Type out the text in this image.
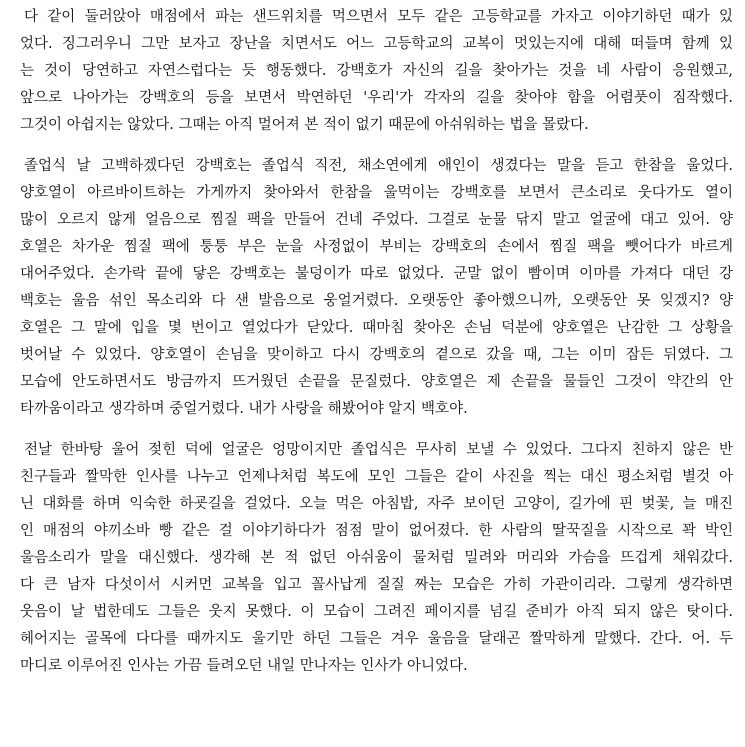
다 같이 둘러앉아 매점에서 파는 샌드위치를 먹으면서 모두 같은 고등학교를 가자고 이야기하던 때가 있
었다. 징그러우니 그만 보자고 장난을 치면서도 어느 고등학교의 교복이 멋있는지에 대해 떠들며 함께 있
는 것이 당연하고 자연스럽다는 듯 행동했다. 강백호가 자신의 길을 찾아가는 것을 네 사람이 응원했고,
앞으로 나아가는 강백호의 등을 보면서 박연하던 '우리'가 각자의 길을 찾아야 함을 어렴풋이 짐작했다.
그것이 아쉽지는 않았다. 그때는 아직 멀어져 본 적이 없기 때문에 아쉬워하는 법을 몰랐다.
졸업식 날 고백하겠다던 강백호는 졸업식 직전, 채소연에게 애인이 생겼다는 말을 듣고 한참을 울었다.
양호열이 아르바이트하는 가게까지 찾아와서 한참을 울먹이는 강백호를 보면서 큰소리로 웃다가도 열이
많이 오르지 않게 얼음으로 찜질 팩을 만들어 건네 주었다. 그걸로 눈물 닦지 말고 얼굴에 대고 있어. 양
호열은 차가운 찜질 팩에 퉁퉁 부은 눈을 사정없이 부비는 강백호의 손에서 찜질 팩을 뺏어다가 바르게
대어주었다. 손가락 끝에 닿은 강백호는 불덩이가 따로 없었다. 군말 없이 빰이며 이마를 가져다 대던 강
백호는 울음 섞인 목소리와 다 샌 발음으로 웅얼거렸다. 오랫동안 좋아했으니까, 오랫동안 못 잊겠지? 양
호열은 그 말에 입을 몇 번이고 열었다가 닫았다. 때마침 찾아온 손님 덕분에 양호열은 난감한 그 상황을
벗어날 수 있었다. 양호열이 손님을 맞이하고 다시 강백호의 곁으로 갔을 때, 그는 이미 잠든 뒤였다. 그
모습에 안도하면서도 방금까지 뜨거웠던 손끝을 문질렀다. 양호열은 제 손끝을 물들인 그것이 약간의 안
타까움이라고 생각하며 중얼거렸다. 내가 사랑을 해봤어야 알지 백호야.
전날 한바탕 울어 젖힌 덕에 얼굴은 엉망이지만 졸업식은 무사히 보낼 수 있었다. 그다지 친하지 않은 반
친구들과 짤막한 인사를 나누고 언제나처럼 복도에 모인 그들은 같이 사진을 찍는 대신 평소처럼 별것 아
닌 대화를 하며 익숙한 하굣길을 걸었다. 오늘 먹은 아침밥, 자주 보이던 고양이, 길가에 핀 벚꽃, 늘 매진
인 매점의 야끼소바 빵 같은 걸 이야기하다가 점점 말이 없어졌다. 한 사람의 딸꾹질을 시작으로 꽉 박인
울음소리가 말을 대신했다. 생각해 본 적 없던 아쉬움이 물처럼 밀려와 머리와 가슴을 뜨겁게 채워갔다.
다 큰 남자 다섯이서 시커먼 교복을 입고 꼴사납게 질질 짜는 모습은 가히 가관이리라. 그렇게 생각하면
웃음이 날 법한데도 그들은 웃지 못했다. 이 모습이 그려진 페이지를 넘길 준비가 아직 되지 않은 탓이다.
헤어지는 골목에 다다를 때까지도 울기만 하던 그들은 겨우 울음을 달래곤 짤막하게 말했다. 간다. 어. 두
마디로 이루어진 인사는 가끔 들려오던 내일 만나자는 인사가 아니었다.
